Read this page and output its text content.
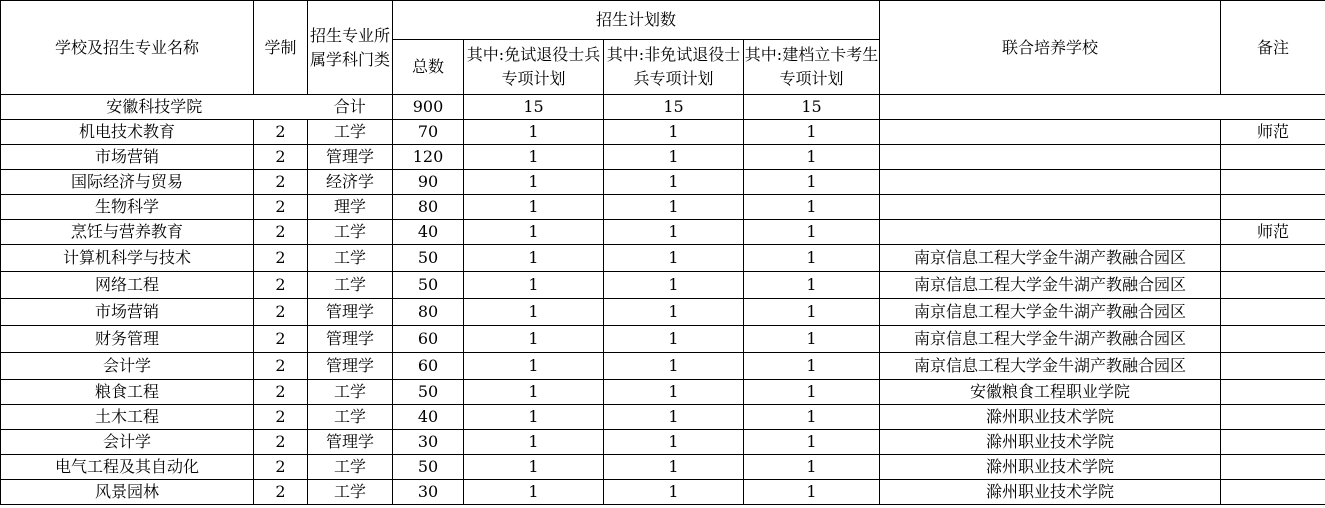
学校及招生专业名称	学制	招生专业所属学科门类	招生计划数				联合培养学校	备注
			总数	其中:免试退役士兵专项计划	其中:非免试退役士兵专项计划	其中:建档立卡考生专项计划		
安徽科技学院		合计	900	15	15	15		
机电技术教育	2	工学	70	1	1	1		师范
市场营销	2	管理学	120	1	1	1		
国际经济与贸易	2	经济学	90	1	1	1		
生物科学	2	理学	80	1	1	1		
烹饪与营养教育	2	工学	40	1	1	1		师范
计算机科学与技术	2	工学	50	1	1	1	南京信息工程大学金牛湖产教融合园区	
网络工程	2	工学	50	1	1	1	南京信息工程大学金牛湖产教融合园区	
市场营销	2	管理学	80	1	1	1	南京信息工程大学金牛湖产教融合园区	
财务管理	2	管理学	60	1	1	1	南京信息工程大学金牛湖产教融合园区	
会计学	2	管理学	60	1	1	1	南京信息工程大学金牛湖产教融合园区	
粮食工程	2	工学	50	1	1	1	安徽粮食工程职业学院	
土木工程	2	工学	40	1	1	1	滁州职业技术学院	
会计学	2	管理学	30	1	1	1	滁州职业技术学院	
电气工程及其自动化	2	工学	50	1	1	1	滁州职业技术学院	
风景园林	2	工学	30	1	1	1	滁州职业技术学院	
